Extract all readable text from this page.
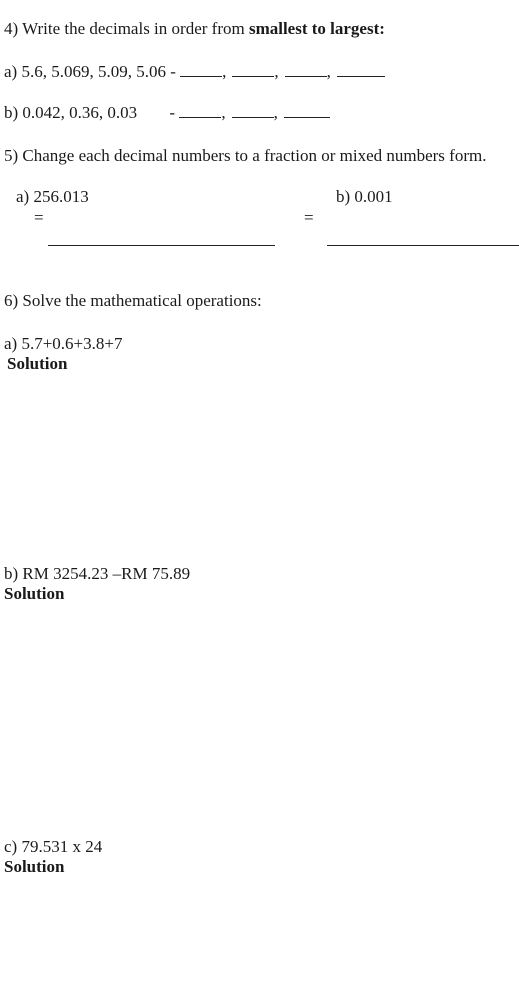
4) Write the decimals in order from smallest to largest:
a) 5.6, 5.069, 5.09, 5.06 -	,	,	,
b) 0.042, 0.36, 0.03 -	,	,
5) Change each decimal numbers to a fraction or mixed numbers form.
a) 256.013
=
b) 0.001
=
6) Solve the mathematical operations:
a) 5.7+0.6+3.8+7
Solution
b) RM 3254.23 –RM 75.89
Solution
c) 79.531 x 24
Solution
